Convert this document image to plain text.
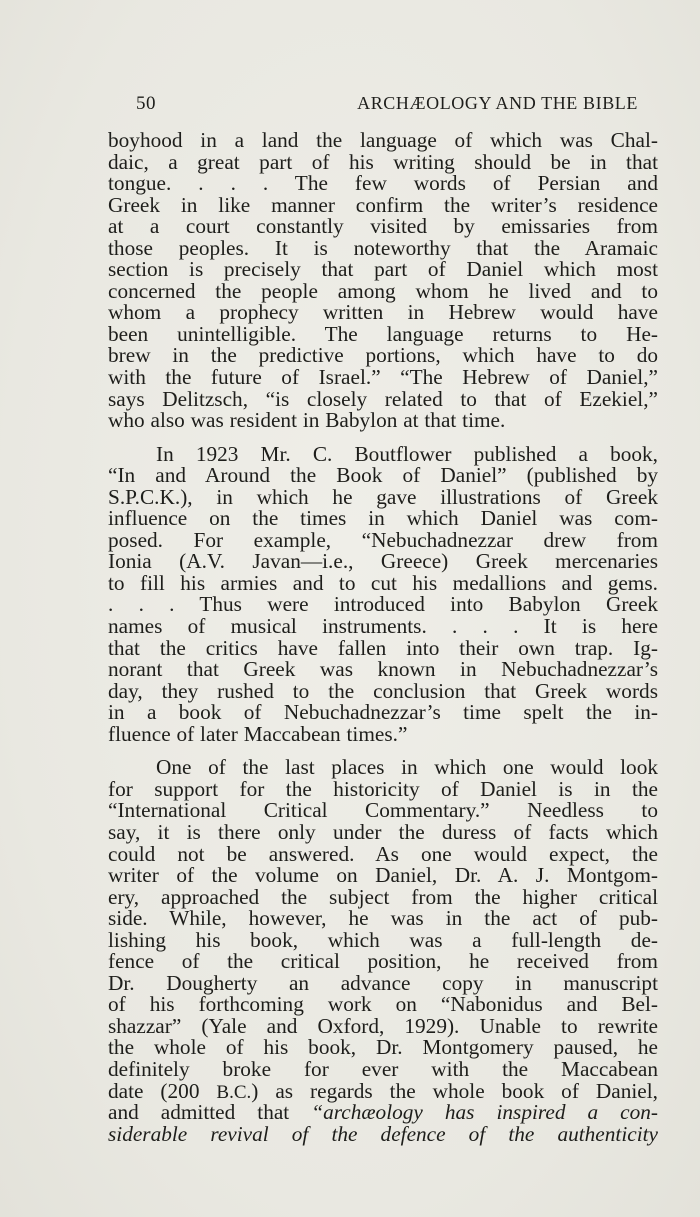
50	ARCHÆOLOGY AND THE BIBLE
boyhood in a land the language of which was Chal-
daic, a great part of his writing should be in that
tongue. . . . The few words of Persian and
Greek in like manner confirm the writer’s residence
at a court constantly visited by emissaries from
those peoples. It is noteworthy that the Aramaic
section is precisely that part of Daniel which most
concerned the people among whom he lived and to
whom a prophecy written in Hebrew would have
been unintelligible. The language returns to He-
brew in the predictive portions, which have to do
with the future of Israel.” “The Hebrew of Daniel,”
says Delitzsch, “is closely related to that of Ezekiel,”
who also was resident in Babylon at that time.
In 1923 Mr. C. Boutflower published a book,
“In and Around the Book of Daniel” (published by
S.P.C.K.), in which he gave illustrations of Greek
influence on the times in which Daniel was com-
posed. For example, “Nebuchadnezzar drew from
Ionia (A.V. Javan—i.e., Greece) Greek mercenaries
to fill his armies and to cut his medallions and gems.
. . . Thus were introduced into Babylon Greek
names of musical instruments. . . . It is here
that the critics have fallen into their own trap. Ig-
norant that Greek was known in Nebuchadnezzar’s
day, they rushed to the conclusion that Greek words
in a book of Nebuchadnezzar’s time spelt the in-
fluence of later Maccabean times.”
One of the last places in which one would look
for support for the historicity of Daniel is in the
“International Critical Commentary.” Needless to
say, it is there only under the duress of facts which
could not be answered. As one would expect, the
writer of the volume on Daniel, Dr. A. J. Montgom-
ery, approached the subject from the higher critical
side. While, however, he was in the act of pub-
lishing his book, which was a full-length de-
fence of the critical position, he received from
Dr. Dougherty an advance copy in manuscript
of his forthcoming work on “Nabonidus and Bel-
shazzar” (Yale and Oxford, 1929). Unable to rewrite
the whole of his book, Dr. Montgomery paused, he
definitely broke for ever with the Maccabean
date (200 B.C.) as regards the whole book of Daniel,
and admitted that “archæology has inspired a con-
siderable revival of the defence of the authenticity
